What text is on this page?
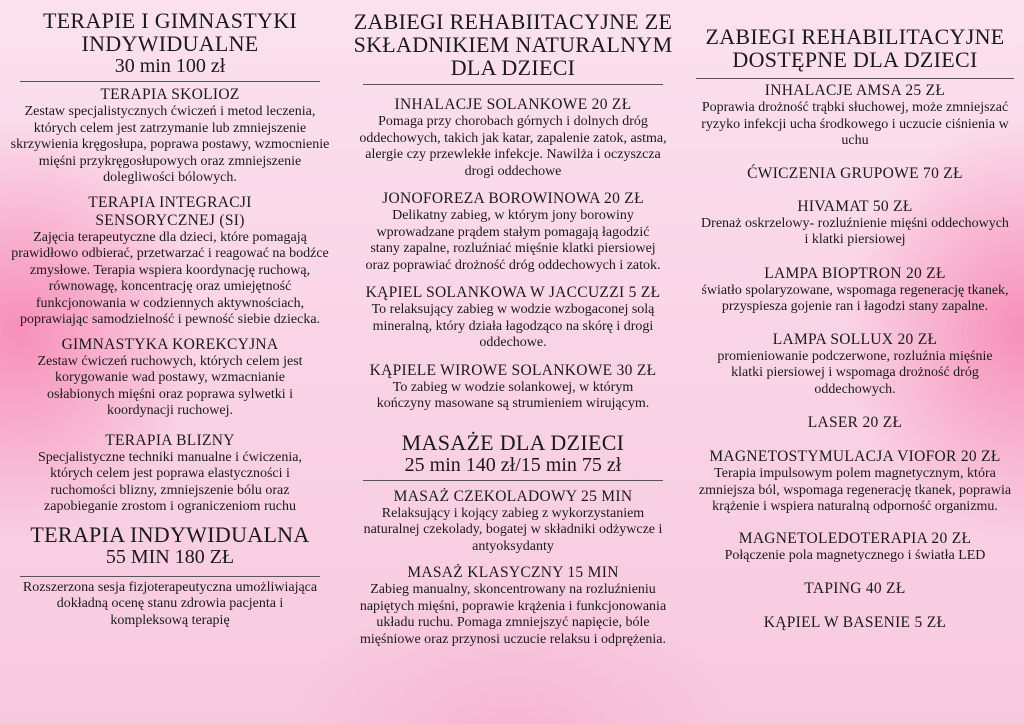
TERAPIE I GIMNASTYKI
INDYWIDUALNE
30 min 100 zł
TERAPIA SKOLIOZ
Zestaw specjalistycznych ćwiczeń i metod leczenia, których celem jest zatrzymanie lub zmniejszenie skrzywienia kręgosłupa, poprawa postawy, wzmocnienie mięśni przykręgosłupowych oraz zmniejszenie dolegliwości bólowych.
TERAPIA INTEGRACJI SENSORYCZNEJ (SI)
Zajęcia terapeutyczne dla dzieci, które pomagają prawidłowo odbierać, przetwarzać i reagować na bodźce zmysłowe. Terapia wspiera koordynację ruchową, równowagę, koncentrację oraz umiejętność funkcjonowania w codziennych aktywnościach, poprawiając samodzielność i pewność siebie dziecka.
GIMNASTYKA KOREKCYJNA
Zestaw ćwiczeń ruchowych, których celem jest korygowanie wad postawy, wzmacnianie osłabionych mięśni oraz poprawa sylwetki i koordynacji ruchowej.
TERAPIA BLIZNY
Specjalistyczne techniki manualne i ćwiczenia, których celem jest poprawa elastyczności i ruchomości blizny, zmniejszenie bólu oraz zapobieganie zrostom i ograniczeniom ruchu
TERAPIA INDYWIDUALNA
55 MIN 180 ZŁ
Rozszerzona sesja fizjoterapeutyczna umożliwiająca dokładną ocenę stanu zdrowia pacjenta i kompleksową terapię
ZABIEGI REHABIITACYJNE ZE
SKŁADNIKIEM NATURALNYM
DLA DZIECI
INHALACJE SOLANKOWE 20 ZŁ
Pomaga przy chorobach górnych i dolnych dróg oddechowych, takich jak katar, zapalenie zatok, astma, alergie czy przewlekłe infekcje. Nawilża i oczyszcza drogi oddechowe
JONOFOREZA BOROWINOWA 20 ZŁ
Delikatny zabieg, w którym jony borowiny wprowadzane prądem stałym pomagają łagodzić stany zapalne, rozluźniać mięśnie klatki piersiowej oraz poprawiać drożność dróg oddechowych i zatok.
KĄPIEL SOLANKOWA W JACCUZZI 5 ZŁ
To relaksujący zabieg w wodzie wzbogaconej solą mineralną, który działa łagodząco na skórę i drogi oddechowe.
KĄPIELE WIROWE SOLANKOWE 30 ZŁ
To zabieg w wodzie solankowej, w którym kończyny masowane są strumieniem wirującym.
MASAŻE DLA DZIECI
25 min 140 zł/15 min 75 zł
MASAŻ CZEKOLADOWY 25 MIN
Relaksujący i kojący zabieg z wykorzystaniem naturalnej czekolady, bogatej w składniki odżywcze i antyoksydanty
MASAŻ KLASYCZNY 15 MIN
Zabieg manualny, skoncentrowany na rozluźnieniu napiętych mięśni, poprawie krążenia i funkcjonowania układu ruchu. Pomaga zmniejszyć napięcie, bóle mięśniowe oraz przynosi uczucie relaksu i odprężenia.
ZABIEGI REHABILITACYJNE
DOSTĘPNE DLA DZIECI
INHALACJE AMSA 25 ZŁ
Poprawia drożność trąbki słuchowej, może zmniejszać ryzyko infekcji ucha środkowego i uczucie ciśnienia w uchu
ĆWICZENIA GRUPOWE 70 ZŁ
HIVAMAT 50 ZŁ
Drenaż oskrzelowy- rozluźnienie mięśni oddechowych i klatki piersiowej
LAMPA BIOPTRON 20 ZŁ
światło spolaryzowane, wspomaga regenerację tkanek, przyspiesza gojenie ran i łagodzi stany zapalne.
LAMPA SOLLUX 20 ZŁ
promieniowanie podczerwone, rozluźnia mięśnie klatki piersiowej i wspomaga drożność dróg oddechowych.
LASER 20 ZŁ
MAGNETOSTYMULACJA VIOFOR 20 ZŁ
Terapia impulsowym polem magnetycznym, która zmniejsza ból, wspomaga regenerację tkanek, poprawia krążenie i wspiera naturalną odporność organizmu.
MAGNETOLEDOTERAPIA 20 ZŁ
Połączenie pola magnetycznego i światła LED
TAPING 40 ZŁ
KĄPIEL W BASENIE 5 ZŁ
